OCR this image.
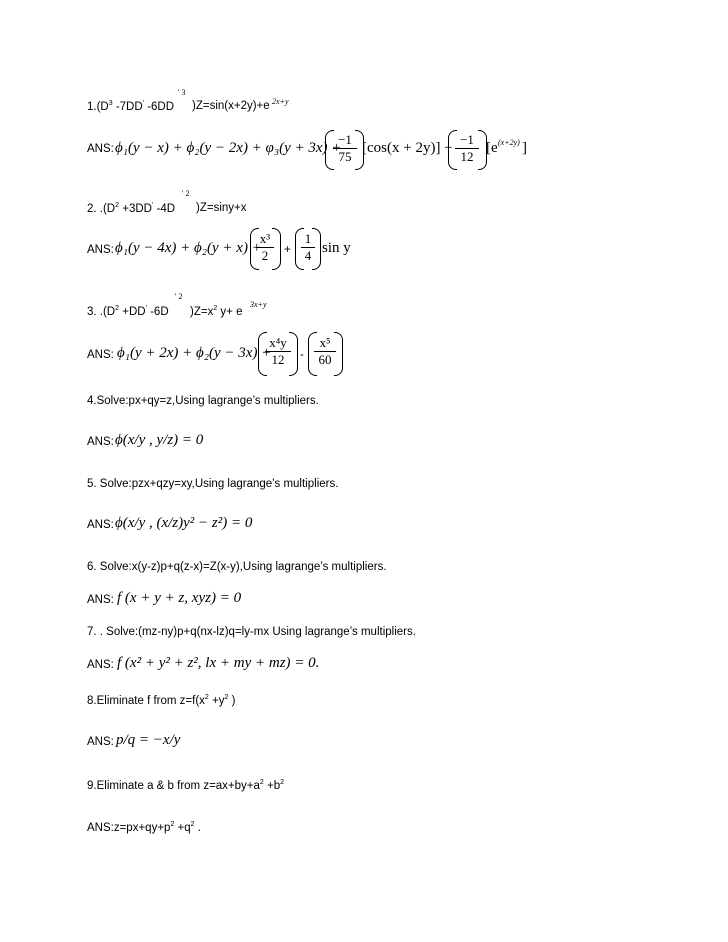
$1.(D^3$ -7DD' -6DD
' 3
)Z=sin(x+2y)+e 2x+y
ANS: ϕ₁(y − x) + ϕ₂(y − 2x) + φ₃(y + 3x) +
$\frac{-1}{75} [\cos(x + 2y)] + \frac{-1}{12} [e$ (x+2y) ]
2. $.(D^2 +3DD'$ -4D
' 2
)Z=siny+x
ANS: ϕ₁(y − 4x) + ϕ₂(y + x) +
$\frac{\text{x³}}{2} + \frac{1}{4}$ sin y
3. $.(D^2 +DD'$ -6D
' 2
)$Z=x^2$ y+ e
3x+y
ANS: ϕ₁(y + 2x) + ϕ₂(y − 3x) +
$\frac{\text{x⁴y}}{12} - \frac{\text{x⁵}}{60}$
4.Solve:px+qy=z,Using lagrange’s multipliers.
ANS: ϕ(x/y , y/z) = 0
5. Solve:pzx+qzy=xy,Using lagrange’s multipliers.
ANS: ϕ(x/y , (x/z)y² − z²) = 0
6. Solve:x(y-z)p+q(z-x)=Z(x-y),Using lagrange’s multipliers.
ANS: f (x + y + z, xyz) = 0
7. . Solve:(mz-ny)p+q(nx-lz)q=ly-mx Using lagrange’s multipliers.
ANS: f (x² + y² + z², lx + my + mz) = 0.
8.Eliminate f from $z=f(x^2 +y^2$ )
ANS: p/q = −x/y
9.Eliminate a & b from $z=ax+by+a^2 +b^2$
$ANS:z=px+qy+p^2 +q^2$ .
